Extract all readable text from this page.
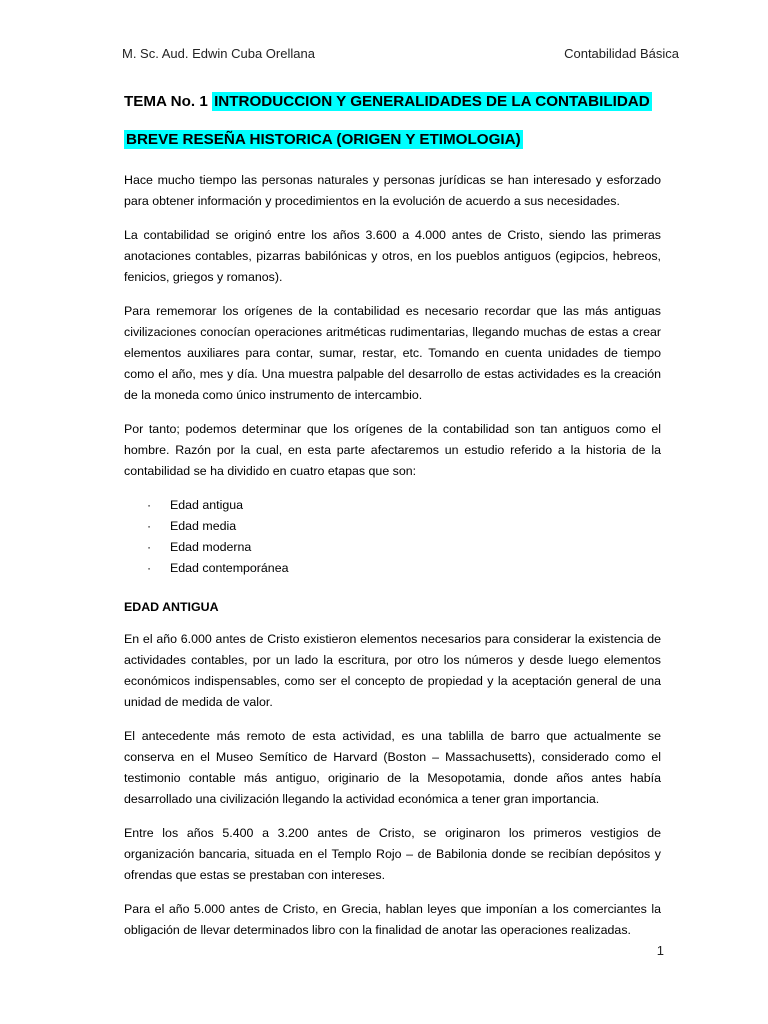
M. Sc. Aud. Edwin Cuba Orellana	Contabilidad Básica
TEMA No. 1 INTRODUCCION Y GENERALIDADES DE LA CONTABILIDAD
BREVE RESEÑA HISTORICA (ORIGEN Y ETIMOLOGIA)

Hace mucho tiempo las personas naturales y personas jurídicas se han interesado y esforzado para obtener información y procedimientos en la evolución de acuerdo a sus necesidades.

La contabilidad se originó entre los años 3.600 a 4.000 antes de Cristo, siendo las primeras anotaciones contables, pizarras babilónicas y otros, en los pueblos antiguos (egipcios, hebreos, fenicios, griegos y romanos).

Para rememorar los orígenes de la contabilidad es necesario recordar que las más antiguas civilizaciones conocían operaciones aritméticas rudimentarias, llegando muchas de estas a crear elementos auxiliares para contar, sumar, restar, etc. Tomando en cuenta unidades de tiempo como el año, mes y día. Una muestra palpable del desarrollo de estas actividades es la creación de la moneda como único instrumento de intercambio.

Por tanto; podemos determinar que los orígenes de la contabilidad son tan antiguos como el hombre. Razón por la cual, en esta parte afectaremos un estudio referido a la historia de la contabilidad se ha dividido en cuatro etapas que son:

· Edad antigua
· Edad media
· Edad moderna
· Edad contemporánea

EDAD ANTIGUA

En el año 6.000 antes de Cristo existieron elementos necesarios para considerar la existencia de actividades contables, por un lado la escritura, por otro los números y desde luego elementos económicos indispensables, como ser el concepto de propiedad y la aceptación general de una unidad de medida de valor.

El antecedente más remoto de esta actividad, es una tablilla de barro que actualmente se conserva en el Museo Semítico de Harvard (Boston – Massachusetts), considerado como el testimonio contable más antiguo, originario de la Mesopotamia, donde años antes había desarrollado una civilización llegando la actividad económica a tener gran importancia.

Entre los años 5.400 a 3.200 antes de Cristo, se originaron los primeros vestigios de organización bancaria, situada en el Templo Rojo – de Babilonia donde se recibían depósitos y ofrendas que estas se prestaban con intereses.

Para el año 5.000 antes de Cristo, en Grecia, hablan leyes que imponían a los comerciantes la obligación de llevar determinados libro con la finalidad de anotar las operaciones realizadas.

1
